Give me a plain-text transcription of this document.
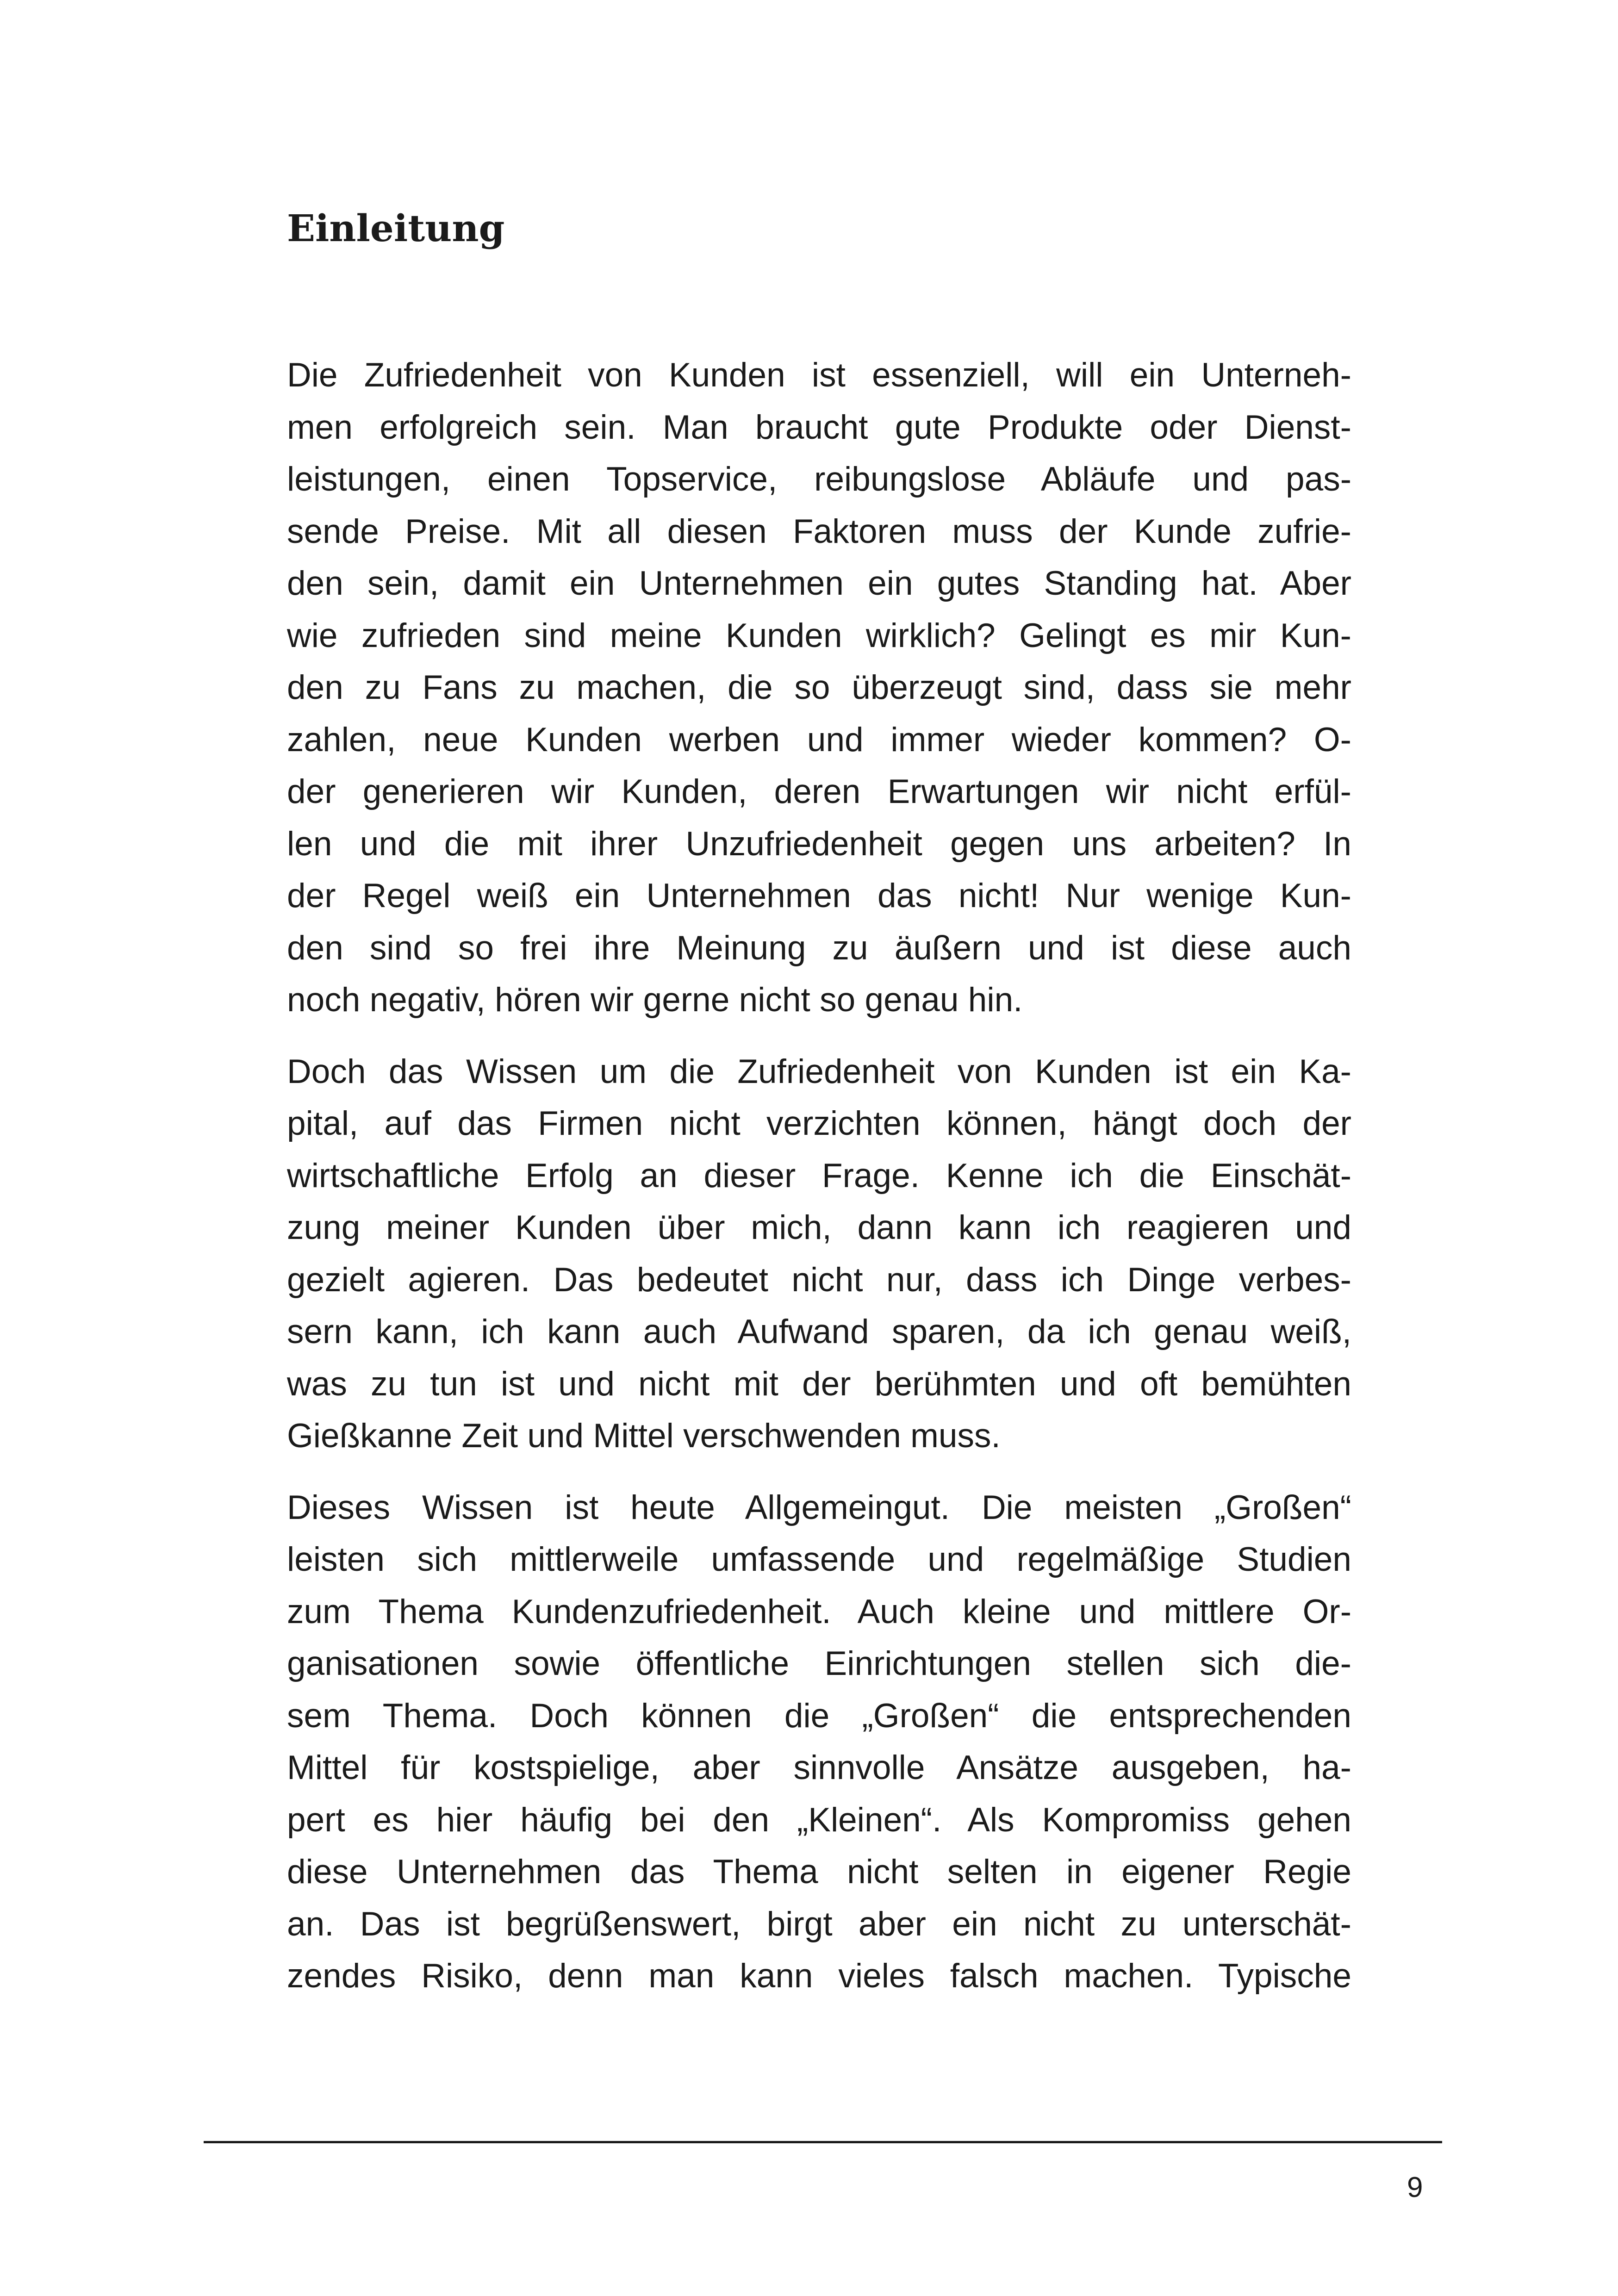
Einleitung

Die Zufriedenheit von Kunden ist essenziell, will ein Unterneh-
men erfolgreich sein. Man braucht gute Produkte oder Dienst-
leistungen, einen Topservice, reibungslose Abläufe und pas-
sende Preise. Mit all diesen Faktoren muss der Kunde zufrie-
den sein, damit ein Unternehmen ein gutes Standing hat. Aber
wie zufrieden sind meine Kunden wirklich? Gelingt es mir Kun-
den zu Fans zu machen, die so überzeugt sind, dass sie mehr
zahlen, neue Kunden werben und immer wieder kommen? O-
der generieren wir Kunden, deren Erwartungen wir nicht erfül-
len und die mit ihrer Unzufriedenheit gegen uns arbeiten? In
der Regel weiß ein Unternehmen das nicht! Nur wenige Kun-
den sind so frei ihre Meinung zu äußern und ist diese auch
noch negativ, hören wir gerne nicht so genau hin.

Doch das Wissen um die Zufriedenheit von Kunden ist ein Ka-
pital, auf das Firmen nicht verzichten können, hängt doch der
wirtschaftliche Erfolg an dieser Frage. Kenne ich die Einschät-
zung meiner Kunden über mich, dann kann ich reagieren und
gezielt agieren. Das bedeutet nicht nur, dass ich Dinge verbes-
sern kann, ich kann auch Aufwand sparen, da ich genau weiß,
was zu tun ist und nicht mit der berühmten und oft bemühten
Gießkanne Zeit und Mittel verschwenden muss.

Dieses Wissen ist heute Allgemeingut. Die meisten „Großen“
leisten sich mittlerweile umfassende und regelmäßige Studien
zum Thema Kundenzufriedenheit. Auch kleine und mittlere Or-
ganisationen sowie öffentliche Einrichtungen stellen sich die-
sem Thema. Doch können die „Großen“ die entsprechenden
Mittel für kostspielige, aber sinnvolle Ansätze ausgeben, ha-
pert es hier häufig bei den „Kleinen“. Als Kompromiss gehen
diese Unternehmen das Thema nicht selten in eigener Regie
an. Das ist begrüßenswert, birgt aber ein nicht zu unterschät-
zendes Risiko, denn man kann vieles falsch machen. Typische

9
